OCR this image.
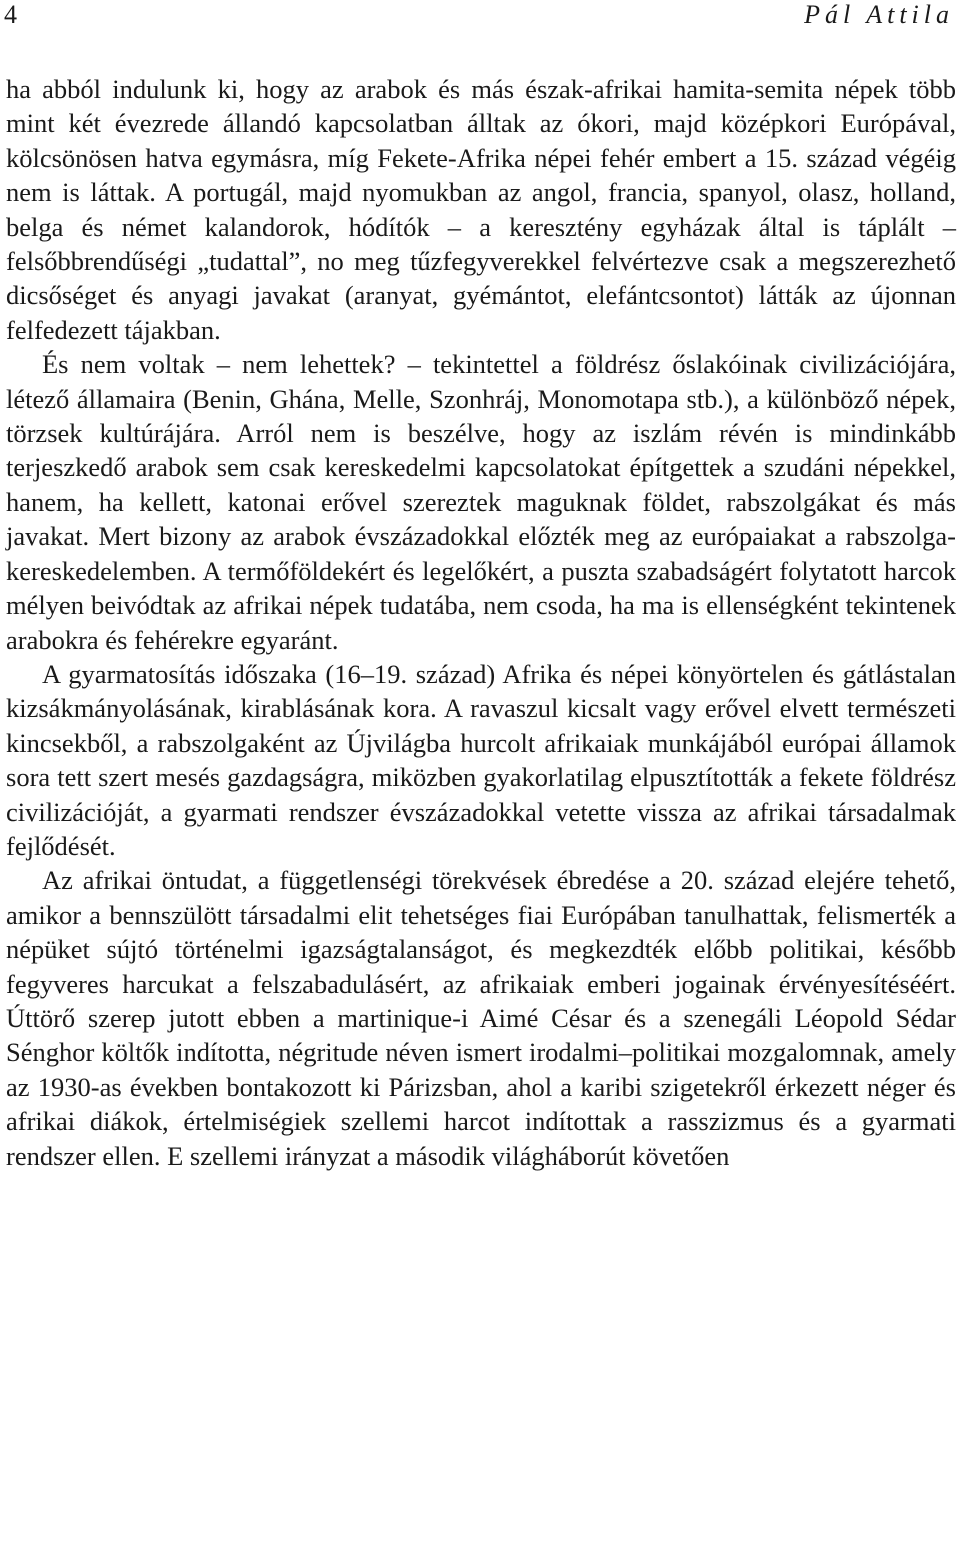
4	Pál Attila

ha abból indulunk ki, hogy az arabok és más észak-afrikai hamita-semita népek több mint két évezrede állandó kapcsolatban álltak az ókori, majd középkori Európával, kölcsönösen hatva egymásra, míg Fekete-Afrika népei fehér embert a 15. század végéig nem is láttak. A portugál, majd nyomukban az angol, francia, spanyol, olasz, holland, belga és német kalandorok, hódítók – a keresztény egyházak által is táplált – felsőbbrendűségi „tudattal”, no meg tűzfegyverekkel felvértezve csak a megszerezhető dicsőséget és anyagi javakat (aranyat, gyémántot, elefántcsontot) látták az újonnan felfedezett tájakban.

És nem voltak – nem lehettek? – tekintettel a földrész őslakóinak civilizációjára, létező államaira (Benin, Ghána, Melle, Szonhráj, Monomotapa stb.), a különböző népek, törzsek kultúrájára. Arról nem is beszélve, hogy az iszlám révén is mindinkább terjeszkedő arabok sem csak kereskedelmi kapcsolatokat építgettek a szudáni népekkel, hanem, ha kellett, katonai erővel szereztek maguknak földet, rabszolgákat és más javakat. Mert bizony az arabok évszázadokkal előzték meg az európaiakat a rabszolga-kereskedelemben. A termőföldekért és legelőkért, a puszta szabadságért folytatott harcok mélyen beivódtak az afrikai népek tudatába, nem csoda, ha ma is ellenségként tekintenek arabokra és fehérekre egyaránt.

A gyarmatosítás időszaka (16–19. század) Afrika és népei könyörtelen és gátlástalan kizsákmányolásának, kirablásának kora. A ravaszul kicsalt vagy erővel elvett természeti kincsekből, a rabszolgaként az Újvilágba hurcolt afrikaiak munkájából európai államok sora tett szert mesés gazdagságra, miközben gyakorlatilag elpusztították a fekete földrész civilizációját, a gyarmati rendszer évszázadokkal vetette vissza az afrikai társadalmak fejlődését.

Az afrikai öntudat, a függetlenségi törekvések ébredése a 20. század elejére tehető, amikor a bennszülött társadalmi elit tehetséges fiai Európában tanulhattak, felismerték a népüket sújtó történelmi igazságtalanságot, és megkezdték előbb politikai, később fegyveres harcukat a felszabadulásért, az afrikaiak emberi jogainak érvényesítéséért. Úttörő szerep jutott ebben a martinique-i Aimé César és a szenegáli Léopold Sédar Sénghor költők indította, négritude néven ismert irodalmi–politikai mozgalomnak, amely az 1930-as években bontakozott ki Párizsban, ahol a karibi szigetekről érkezett néger és afrikai diákok, értelmiségiek szellemi harcot indítottak a rasszizmus és a gyarmati rendszer ellen. E szellemi irányzat a második világháborút követően
